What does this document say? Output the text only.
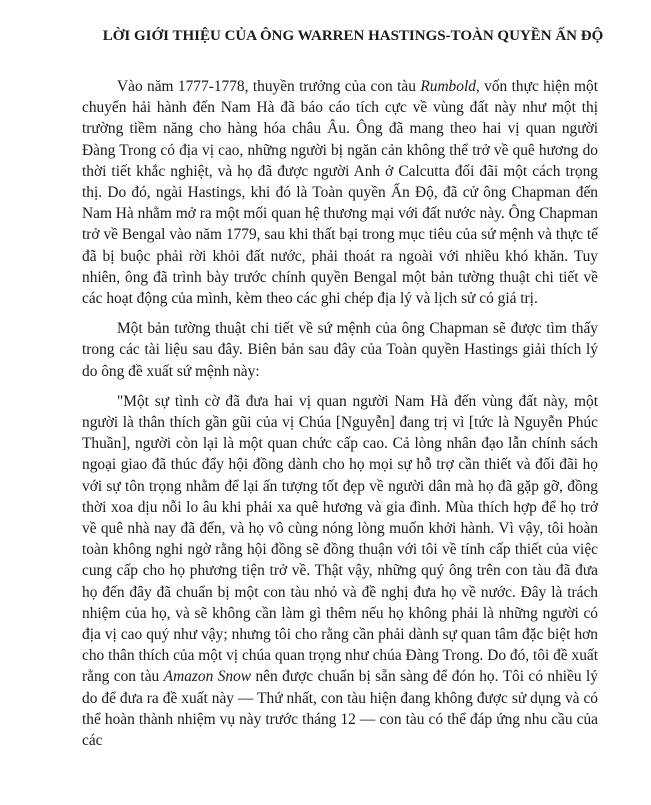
LỜI GIỚI THIỆU CỦA ÔNG WARREN HASTINGS-TOÀN QUYỀN ẤN ĐỘ

Vào năm 1777-1778, thuyền trưởng của con tàu Rumbold, vốn thực hiện một chuyến hải hành đến Nam Hà đã báo cáo tích cực về vùng đất này như một thị trường tiềm năng cho hàng hóa châu Âu. Ông đã mang theo hai vị quan người Đàng Trong có địa vị cao, những người bị ngăn cản không thể trở về quê hương do thời tiết khắc nghiệt, và họ đã được người Anh ở Calcutta đối đãi một cách trọng thị. Do đó, ngài Hastings, khi đó là Toàn quyền Ấn Độ, đã cử ông Chapman đến Nam Hà nhằm mở ra một mối quan hệ thương mại với đất nước này. Ông Chapman trở về Bengal vào năm 1779, sau khi thất bại trong mục tiêu của sứ mệnh và thực tế đã bị buộc phải rời khỏi đất nước, phải thoát ra ngoài với nhiều khó khăn. Tuy nhiên, ông đã trình bày trước chính quyền Bengal một bản tường thuật chi tiết về các hoạt động của mình, kèm theo các ghi chép địa lý và lịch sử có giá trị.

Một bản tường thuật chi tiết về sứ mệnh của ông Chapman sẽ được tìm thấy trong các tài liệu sau đây. Biên bản sau đây của Toàn quyền Hastings giải thích lý do ông đề xuất sứ mệnh này:

"Một sự tình cờ đã đưa hai vị quan người Nam Hà đến vùng đất này, một người là thân thích gần gũi của vị Chúa [Nguyễn] đang trị vì [tức là Nguyễn Phúc Thuần], người còn lại là một quan chức cấp cao. Cả lòng nhân đạo lẫn chính sách ngoại giao đã thúc đẩy hội đồng dành cho họ mọi sự hỗ trợ cần thiết và đối đãi họ với sự tôn trọng nhằm để lại ấn tượng tốt đẹp về người dân mà họ đã gặp gỡ, đồng thời xoa dịu nỗi lo âu khi phải xa quê hương và gia đình. Mùa thích hợp để họ trở về quê nhà nay đã đến, và họ vô cùng nóng lòng muốn khởi hành. Vì vậy, tôi hoàn toàn không nghi ngờ rằng hội đồng sẽ đồng thuận với tôi về tính cấp thiết của việc cung cấp cho họ phương tiện trở về. Thật vậy, những quý ông trên con tàu đã đưa họ đến đây đã chuẩn bị một con tàu nhỏ và đề nghị đưa họ về nước. Đây là trách nhiệm của họ, và sẽ không cần làm gì thêm nếu họ không phải là những người có địa vị cao quý như vậy; nhưng tôi cho rằng cần phải dành sự quan tâm đặc biệt hơn cho thân thích của một vị chúa quan trọng như chúa Đàng Trong. Do đó, tôi đề xuất rằng con tàu Amazon Snow nên được chuẩn bị sẵn sàng để đón họ. Tôi có nhiều lý do để đưa ra đề xuất này — Thứ nhất, con tàu hiện đang không được sử dụng và có thể hoàn thành nhiệm vụ này trước tháng 12 — con tàu có thể đáp ứng nhu cầu của các
